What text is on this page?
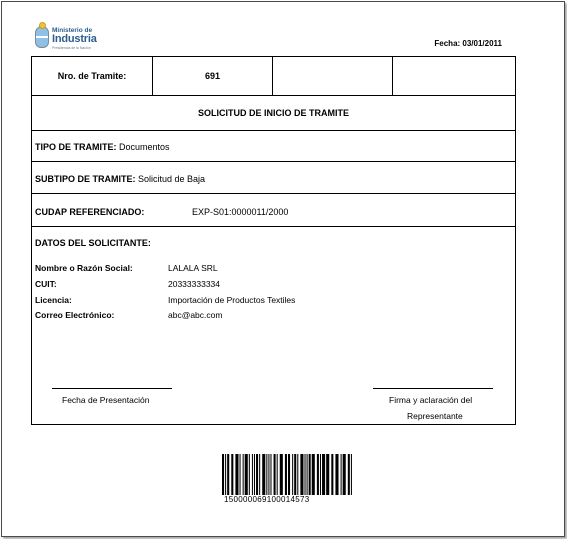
Ministerio de
Industria
Presidencia de la Nación	Fecha: 03/01/2011
Nro. de Tramite:	691
SOLICITUD DE INICIO DE TRAMITE
TIPO DE TRAMITE: Documentos
SUBTIPO DE TRAMITE: Solicitud de Baja
CUDAP REFERENCIADO:	EXP-S01:0000011/2000
DATOS DEL SOLICITANTE:
Nombre o Razón Social:	LALALA SRL
CUIT:	20333333334
Licencia:	Importación de Productos Textiles
Correo Electrónico:	abc@abc.com
Fecha de Presentación	Firma y aclaración del
Representante
150000069100014573
